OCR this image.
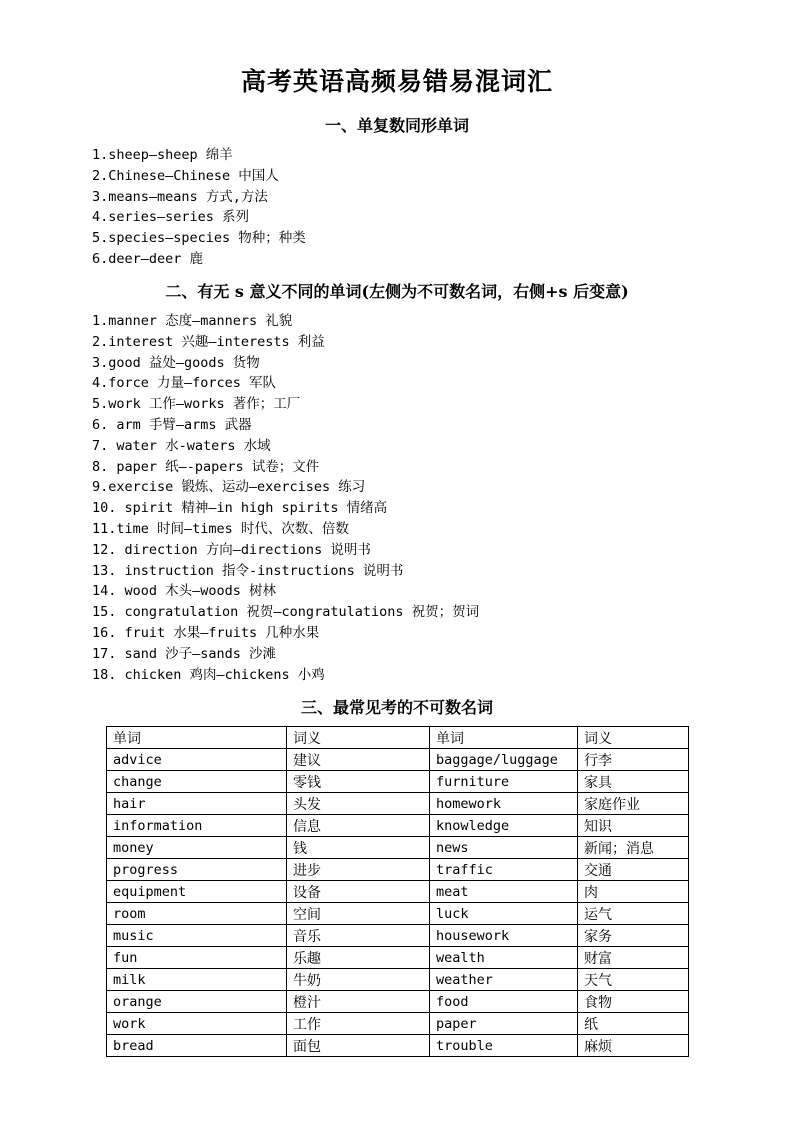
高考英语高频易错易混词汇
一、单复数同形单词
1.sheep—sheep 绵羊
2.Chinese—Chinese 中国人
3.means—means 方式,方法
4.series—series 系列
5.species—species 物种；种类
6.deer—deer 鹿
二、有无 s 意义不同的单词(左侧为不可数名词，右侧+s 后变意)
1.manner 态度—manners 礼貌
2.interest 兴趣—interests 利益
3.good 益处—goods 货物
4.force 力量—forces 军队
5.work 工作—works 著作；工厂
6. arm 手臂—arms 武器
7. water 水-waters 水域
8. paper 纸—-papers 试卷；文件
9.exercise 锻炼、运动—exercises 练习
10. spirit 精神—in high spirits 情绪高
11.time 时间—times 时代、次数、倍数
12. direction 方向—directions 说明书
13. instruction 指令-instructions 说明书
14. wood 木头—woods 树林
15. congratulation 祝贺—congratulations 祝贺；贺词
16. fruit 水果—fruits 几种水果
17. sand 沙子—sands 沙滩
18. chicken 鸡肉—chickens 小鸡
三、最常见考的不可数名词
单词	词义	单词	词义
advice	建议	baggage/luggage	行李
change	零钱	furniture	家具
hair	头发	homework	家庭作业
information	信息	knowledge	知识
money	钱	news	新闻；消息
progress	进步	traffic	交通
equipment	设备	meat	肉
room	空间	luck	运气
music	音乐	housework	家务
fun	乐趣	wealth	财富
milk	牛奶	weather	天气
orange	橙汁	food	食物
work	工作	paper	纸
bread	面包	trouble	麻烦
